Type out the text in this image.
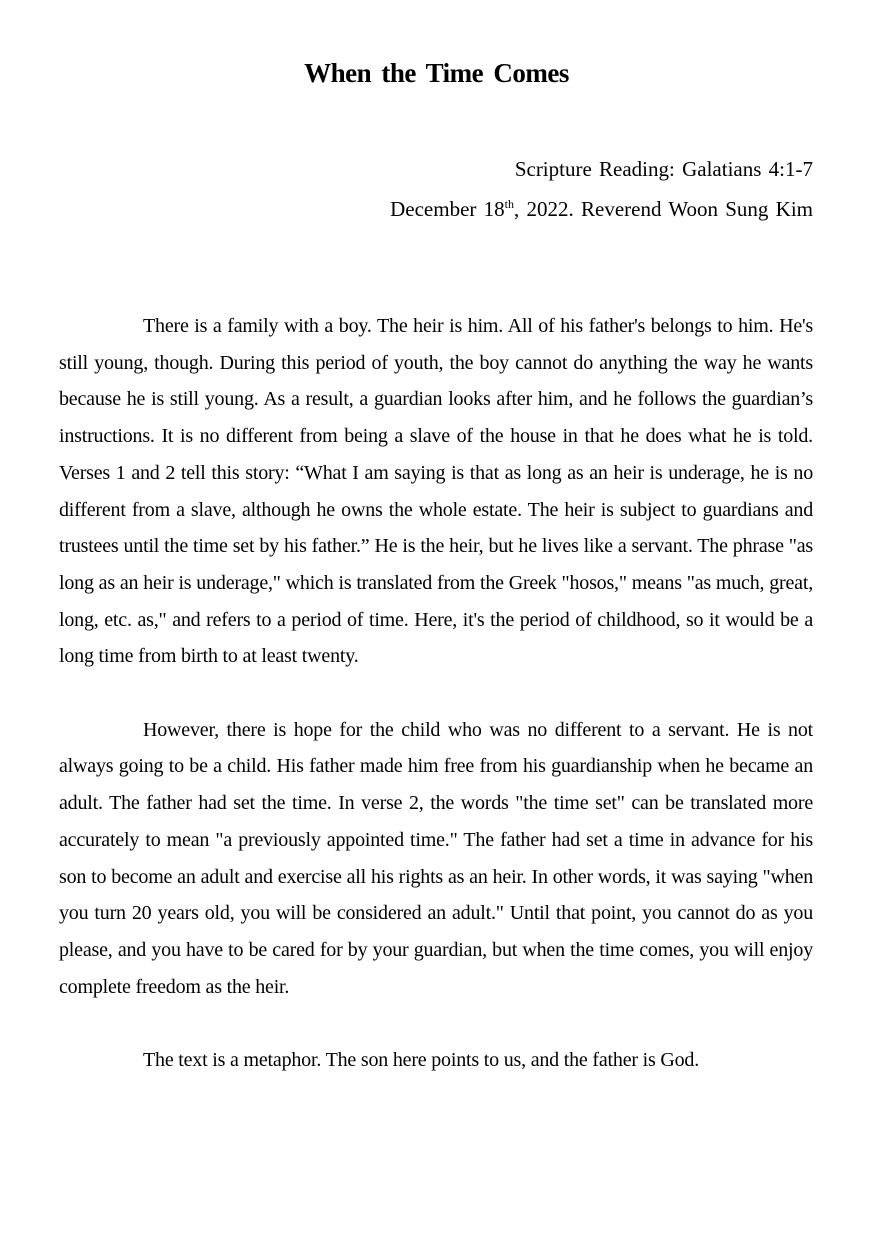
When the Time Comes
Scripture Reading: Galatians 4:1-7
December 18th, 2022. Reverend Woon Sung Kim

There is a family with a boy. The heir is him. All of his father's belongs to him. He's still young, though. During this period of youth, the boy cannot do anything the way he wants because he is still young. As a result, a guardian looks after him, and he follows the guardian’s instructions. It is no different from being a slave of the house in that he does what he is told. Verses 1 and 2 tell this story: “What I am saying is that as long as an heir is underage, he is no different from a slave, although he owns the whole estate. The heir is subject to guardians and trustees until the time set by his father.” He is the heir, but he lives like a servant. The phrase "as long as an heir is underage," which is translated from the Greek "hosos," means "as much, great, long, etc. as," and refers to a period of time. Here, it's the period of childhood, so it would be a long time from birth to at least twenty.

However, there is hope for the child who was no different to a servant. He is not always going to be a child. His father made him free from his guardianship when he became an adult. The father had set the time. In verse 2, the words "the time set" can be translated more accurately to mean "a previously appointed time." The father had set a time in advance for his son to become an adult and exercise all his rights as an heir. In other words, it was saying "when you turn 20 years old, you will be considered an adult." Until that point, you cannot do as you please, and you have to be cared for by your guardian, but when the time comes, you will enjoy complete freedom as the heir.

The text is a metaphor. The son here points to us, and the father is God.
